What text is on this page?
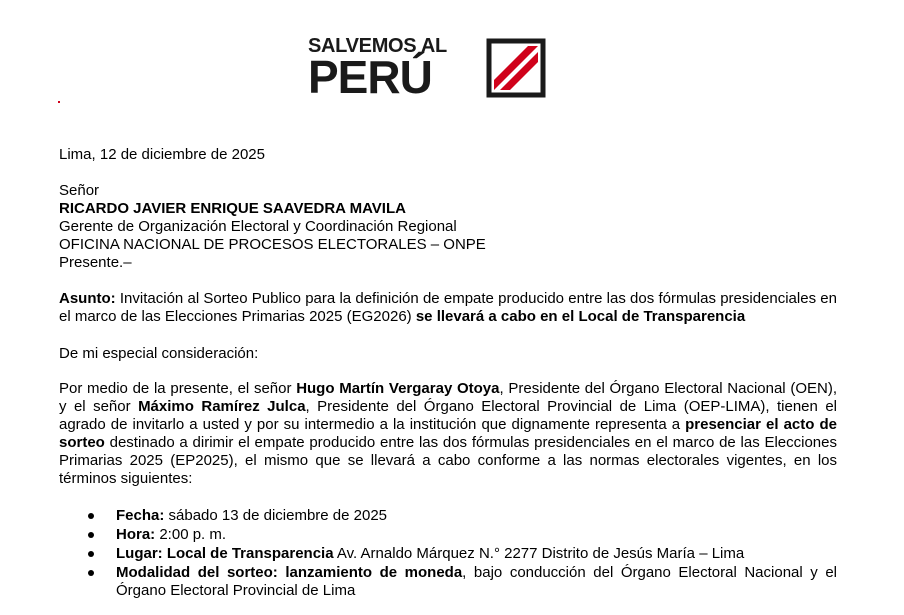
SALVEMOS AL
PERÚ
Lima, 12 de diciembre de 2025
Señor
RICARDO JAVIER ENRIQUE SAAVEDRA MAVILA
Gerente de Organización Electoral y Coordinación Regional
OFICINA NACIONAL DE PROCESOS ELECTORALES – ONPE
Presente.–
Asunto: Invitación al Sorteo Publico para la definición de empate producido entre las dos fórmulas presidenciales en el marco de las Elecciones Primarias 2025 (EG2026) se llevará a cabo en el Local de Transparencia
De mi especial consideración:
Por medio de la presente, el señor Hugo Martín Vergaray Otoya, Presidente del Órgano Electoral Nacional (OEN), y el señor Máximo Ramírez Julca, Presidente del Órgano Electoral Provincial de Lima (OEP-LIMA), tienen el agrado de invitarlo a usted y por su intermedio a la institución que dignamente representa a presenciar el acto de sorteo destinado a dirimir el empate producido entre las dos fórmulas presidenciales en el marco de las Elecciones Primarias 2025 (EP2025), el mismo que se llevará a cabo conforme a las normas electorales vigentes, en los términos siguientes:
Fecha: sábado 13 de diciembre de 2025
Hora: 2:00 p. m.
Lugar: Local de Transparencia Av. Arnaldo Márquez N.° 2277 Distrito de Jesús María – Lima
Modalidad del sorteo: lanzamiento de moneda, bajo conducción del Órgano Electoral Nacional y el Órgano Electoral Provincial de Lima
